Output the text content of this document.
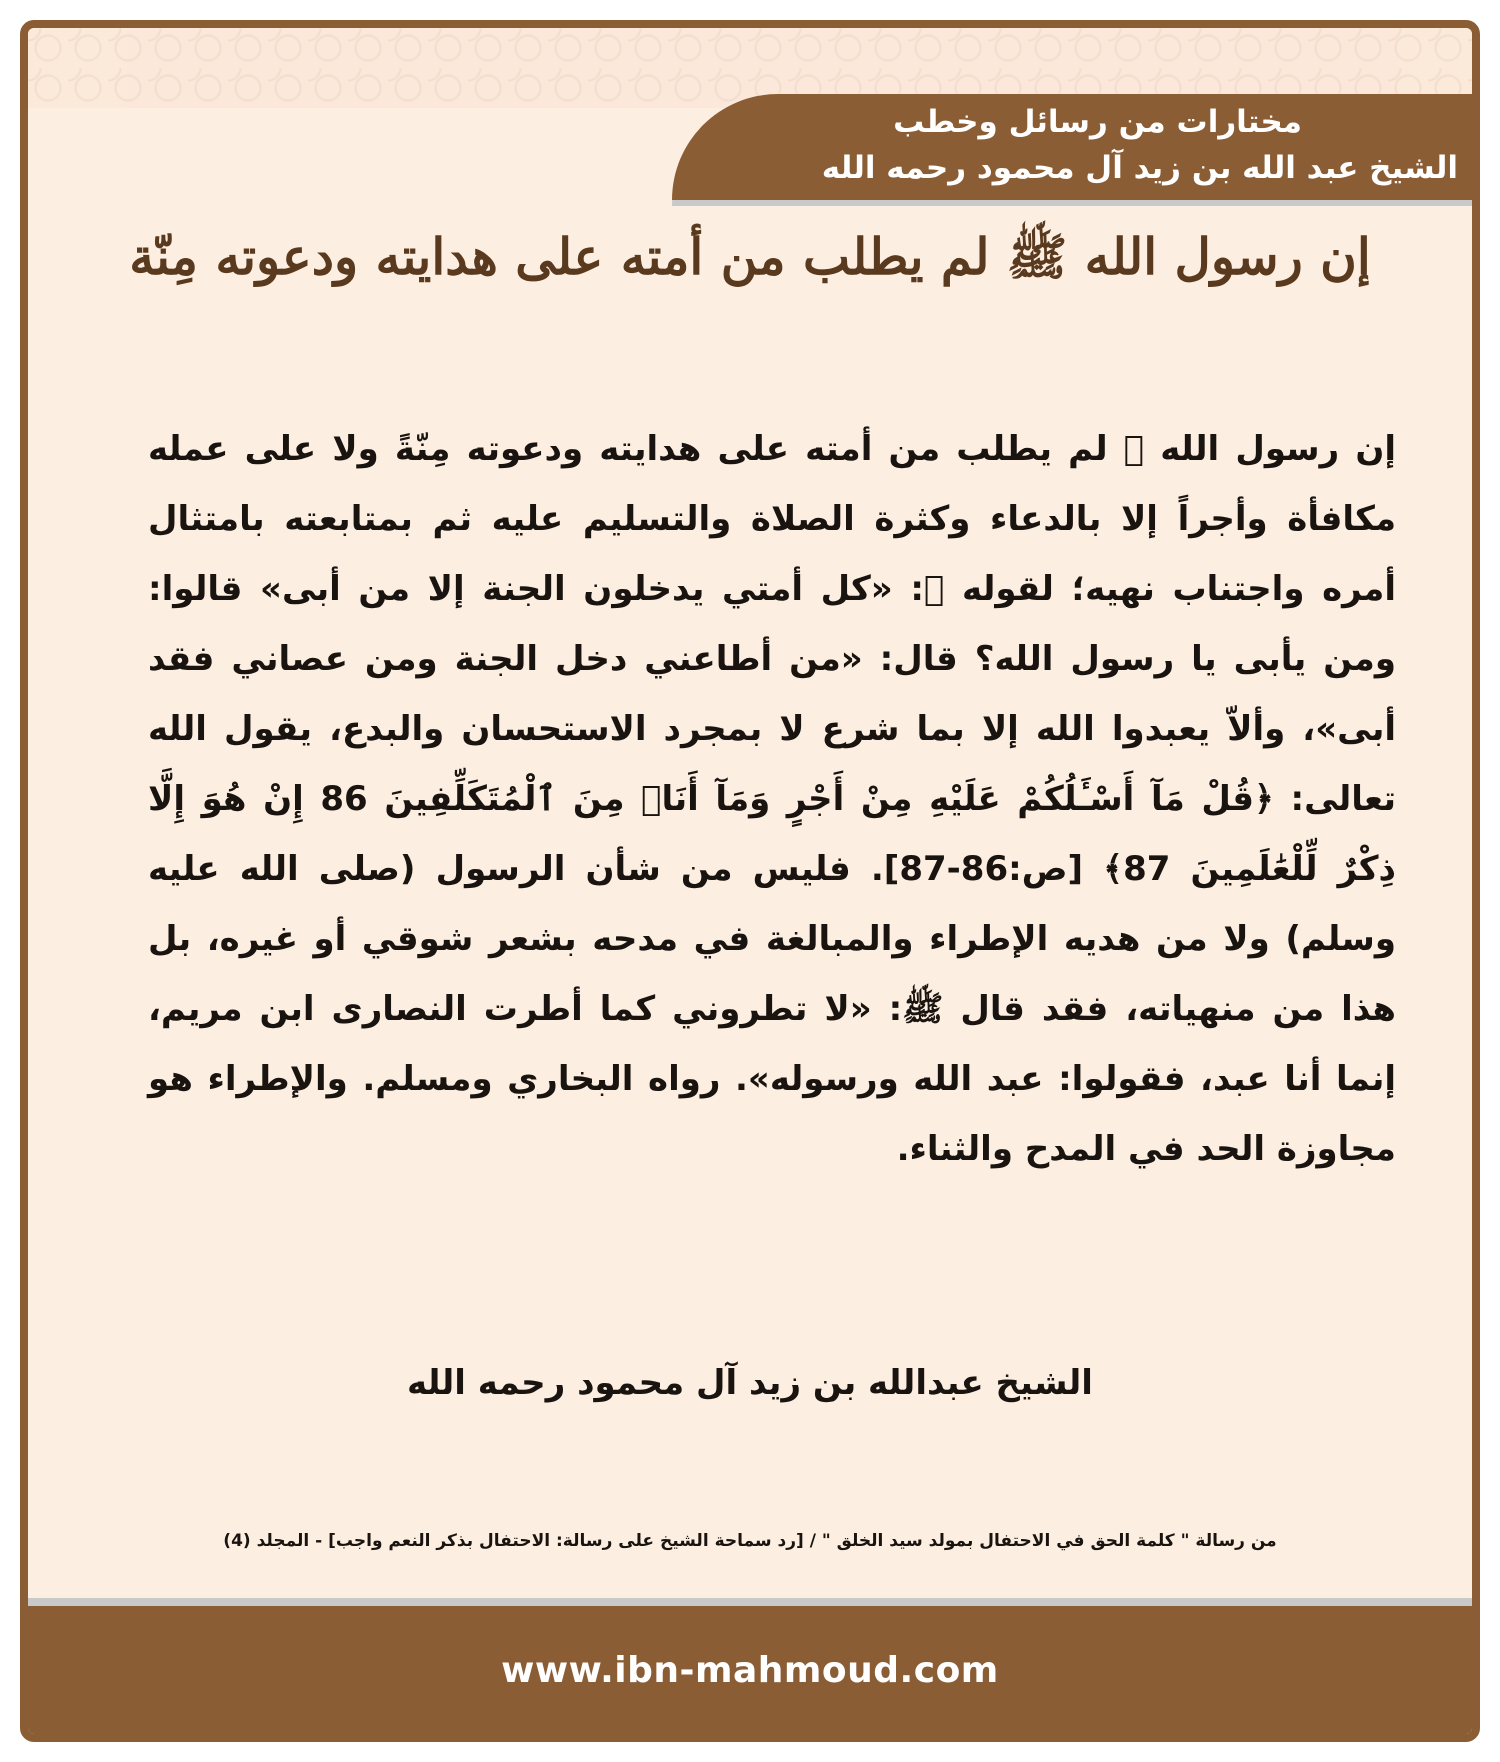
مختارات من رسائل وخطب
الشيخ عبد الله بن زيد آل محمود رحمه الله
إن رسول الله ﷺ لم يطلب من أمته على هدايته ودعوته مِنّة

إن رسول الله ﷺ لم يطلب من أمته على هدايته ودعوته مِنّةً ولا على عمله مكافأة وأجراً إلا بالدعاء وكثرة الصلاة والتسليم عليه ثم بمتابعته بامتثال أمره واجتناب نهيه؛ لقوله ﷺ: «كل أمتي يدخلون الجنة إلا من أبى» قالوا: ومن يأبى يا رسول الله؟ قال: «من أطاعني دخل الجنة ومن عصاني فقد أبى»، وألاّ يعبدوا الله إلا بما شرع لا بمجرد الاستحسان والبدع، يقول الله تعالى: ﴿قُلْ مَآ أَسْـَٔلُكُمْ عَلَيْهِ مِنْ أَجْرٍ وَمَآ أَنَا۠ مِنَ ٱلْمُتَكَلِّفِينَ 86 إِنْ هُوَ إِلَّا ذِكْرٌ لِّلْعَٰلَمِينَ 87﴾ [ص:86-87]. فليس من شأن الرسول (صلى الله عليه وسلم) ولا من هديه الإطراء والمبالغة في مدحه بشعر شوقي أو غيره، بل هذا من منهياته، فقد قال ﷺ: «لا تطروني كما أطرت النصارى ابن مريم، إنما أنا عبد، فقولوا: عبد الله ورسوله». رواه البخاري ومسلم. والإطراء هو مجاوزة الحد في المدح والثناء.

الشيخ عبدالله بن زيد آل محمود رحمه الله
من رسالة " كلمة الحق في الاحتفال بمولد سيد الخلق " / [رد سماحة الشيخ على رسالة: الاحتفال بذكر النعم واجب] - المجلد (4)
www.ibn-mahmoud.com
